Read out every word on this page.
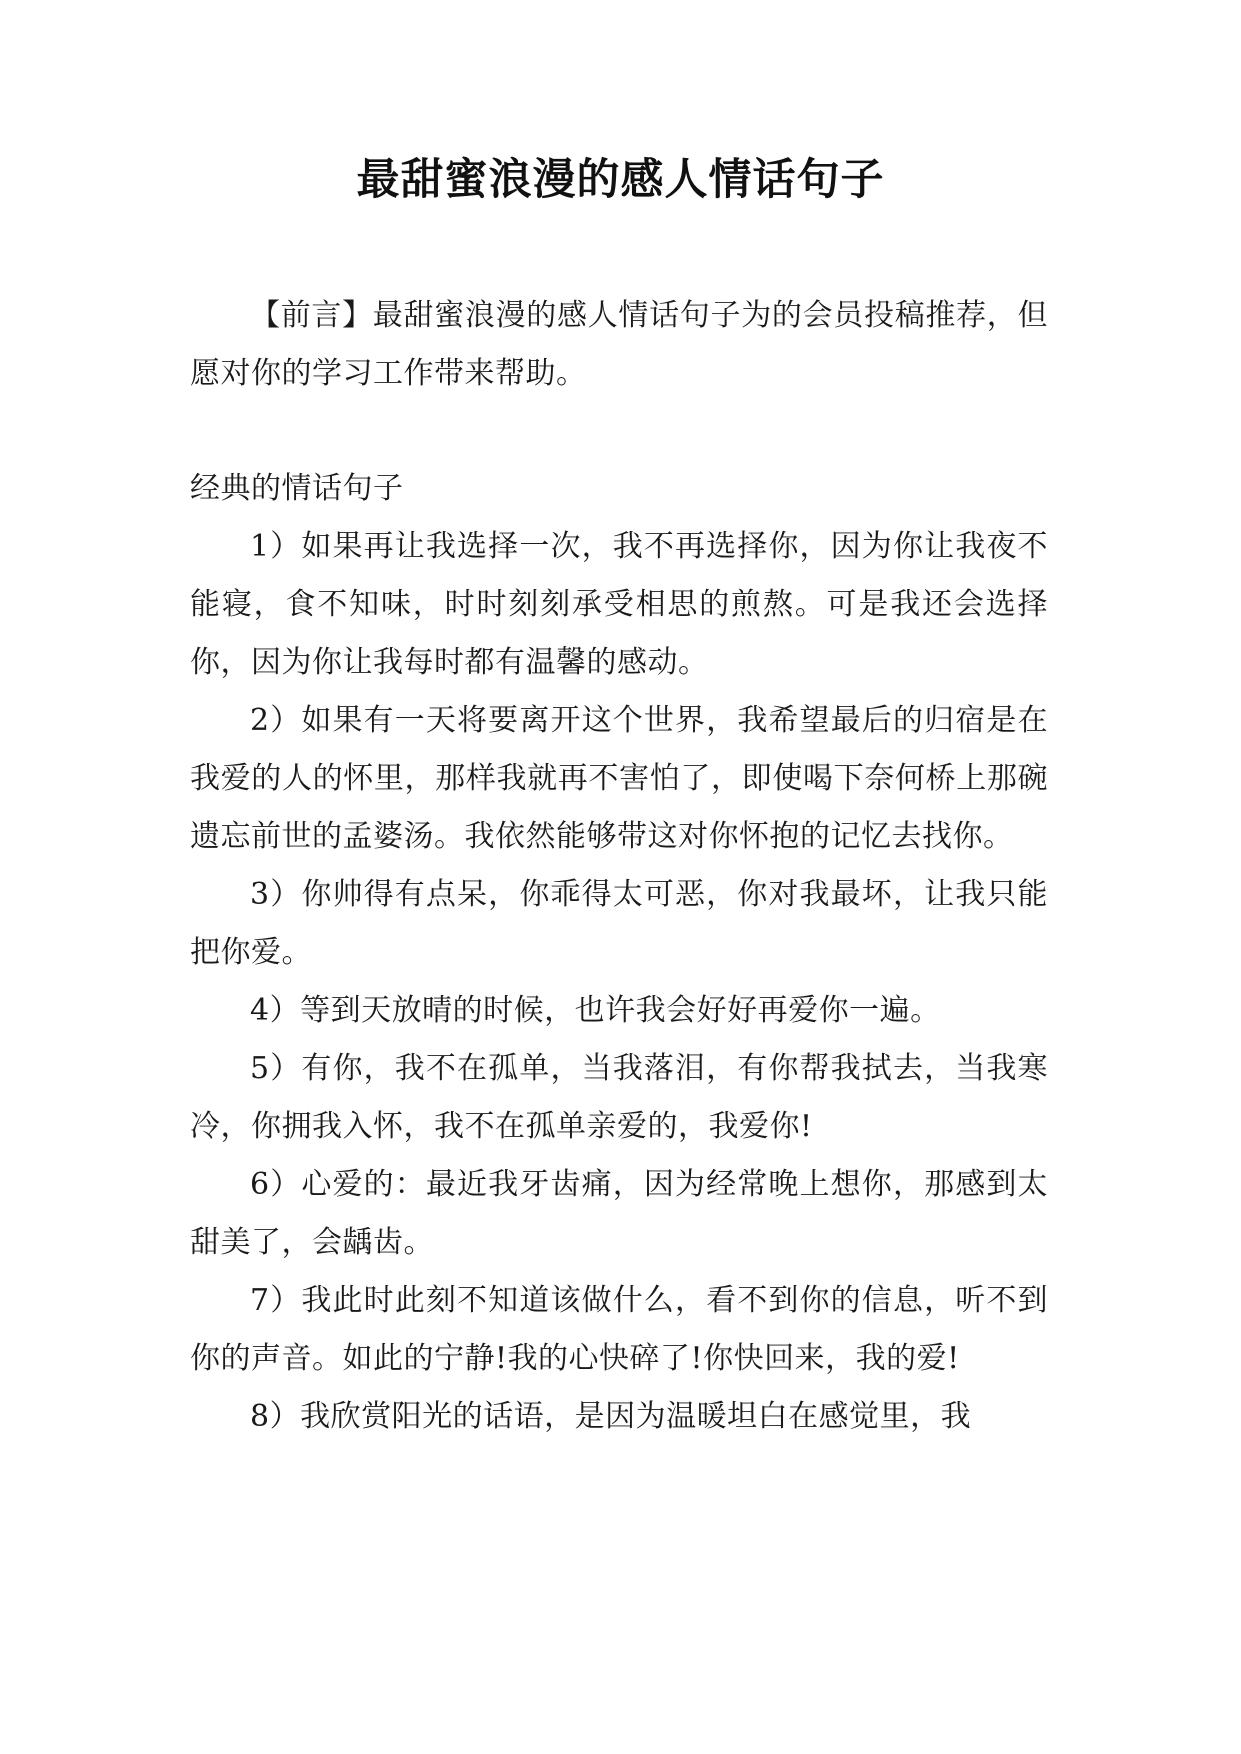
最甜蜜浪漫的感人情话句子

【前言】最甜蜜浪漫的感人情话句子为的会员投稿推荐，但愿对你的学习工作带来帮助。

经典的情话句子

1）如果再让我选择一次，我不再选择你，因为你让我夜不能寝，食不知味，时时刻刻承受相思的煎熬。可是我还会选择你，因为你让我每时都有温馨的感动。

2）如果有一天将要离开这个世界，我希望最后的归宿是在我爱的人的怀里，那样我就再不害怕了，即使喝下奈何桥上那碗遗忘前世的孟婆汤。我依然能够带这对你怀抱的记忆去找你。

3）你帅得有点呆，你乖得太可恶，你对我最坏，让我只能把你爱。

4）等到天放晴的时候，也许我会好好再爱你一遍。

5）有你，我不在孤单，当我落泪，有你帮我拭去，当我寒冷，你拥我入怀，我不在孤单亲爱的，我爱你!

6）心爱的：最近我牙齿痛，因为经常晚上想你，那感到太甜美了，会龋齿。

7）我此时此刻不知道该做什么，看不到你的信息，听不到你的声音。如此的宁静!我的心快碎了!你快回来，我的爱!

8）我欣赏阳光的话语，是因为温暖坦白在感觉里，我
